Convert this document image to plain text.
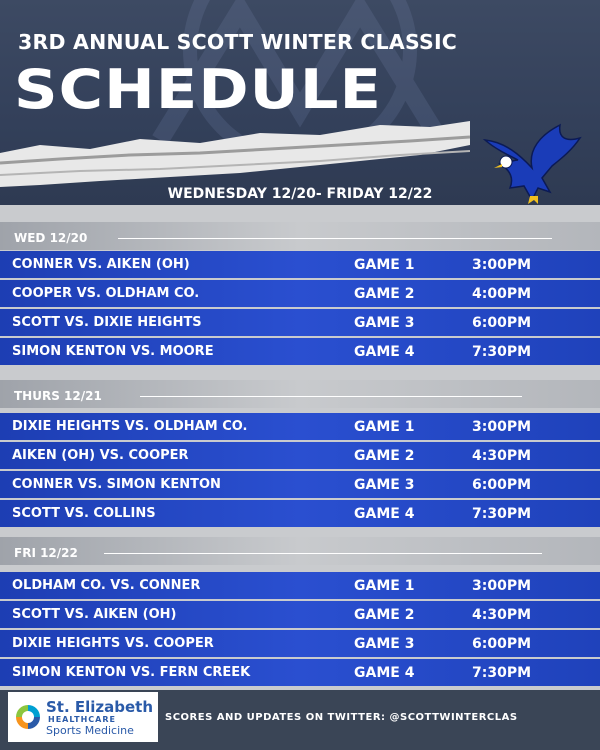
3RD ANNUAL SCOTT WINTER CLASSIC
SCHEDULE
WEDNESDAY 12/20- FRIDAY 12/22
WED 12/20
CONNER VS. AIKEN (OH)	GAME 1	3:00PM
COOPER VS. OLDHAM CO.	GAME 2	4:00PM
SCOTT VS. DIXIE HEIGHTS	GAME 3	6:00PM
SIMON KENTON VS. MOORE	GAME 4	7:30PM
THURS 12/21
DIXIE HEIGHTS VS. OLDHAM CO.	GAME 1	3:00PM
AIKEN (OH) VS. COOPER	GAME 2	4:30PM
CONNER VS. SIMON KENTON	GAME 3	6:00PM
SCOTT VS. COLLINS	GAME 4	7:30PM
FRI 12/22
OLDHAM CO. VS. CONNER	GAME 1	3:00PM
SCOTT VS. AIKEN (OH)	GAME 2	4:30PM
DIXIE HEIGHTS VS. COOPER	GAME 3	6:00PM
SIMON KENTON VS. FERN CREEK	GAME 4	7:30PM
St. Elizabeth
HEALTHCARE
Sports Medicine
SCORES AND UPDATES ON TWITTER: @SCOTTWINTERCLAS
